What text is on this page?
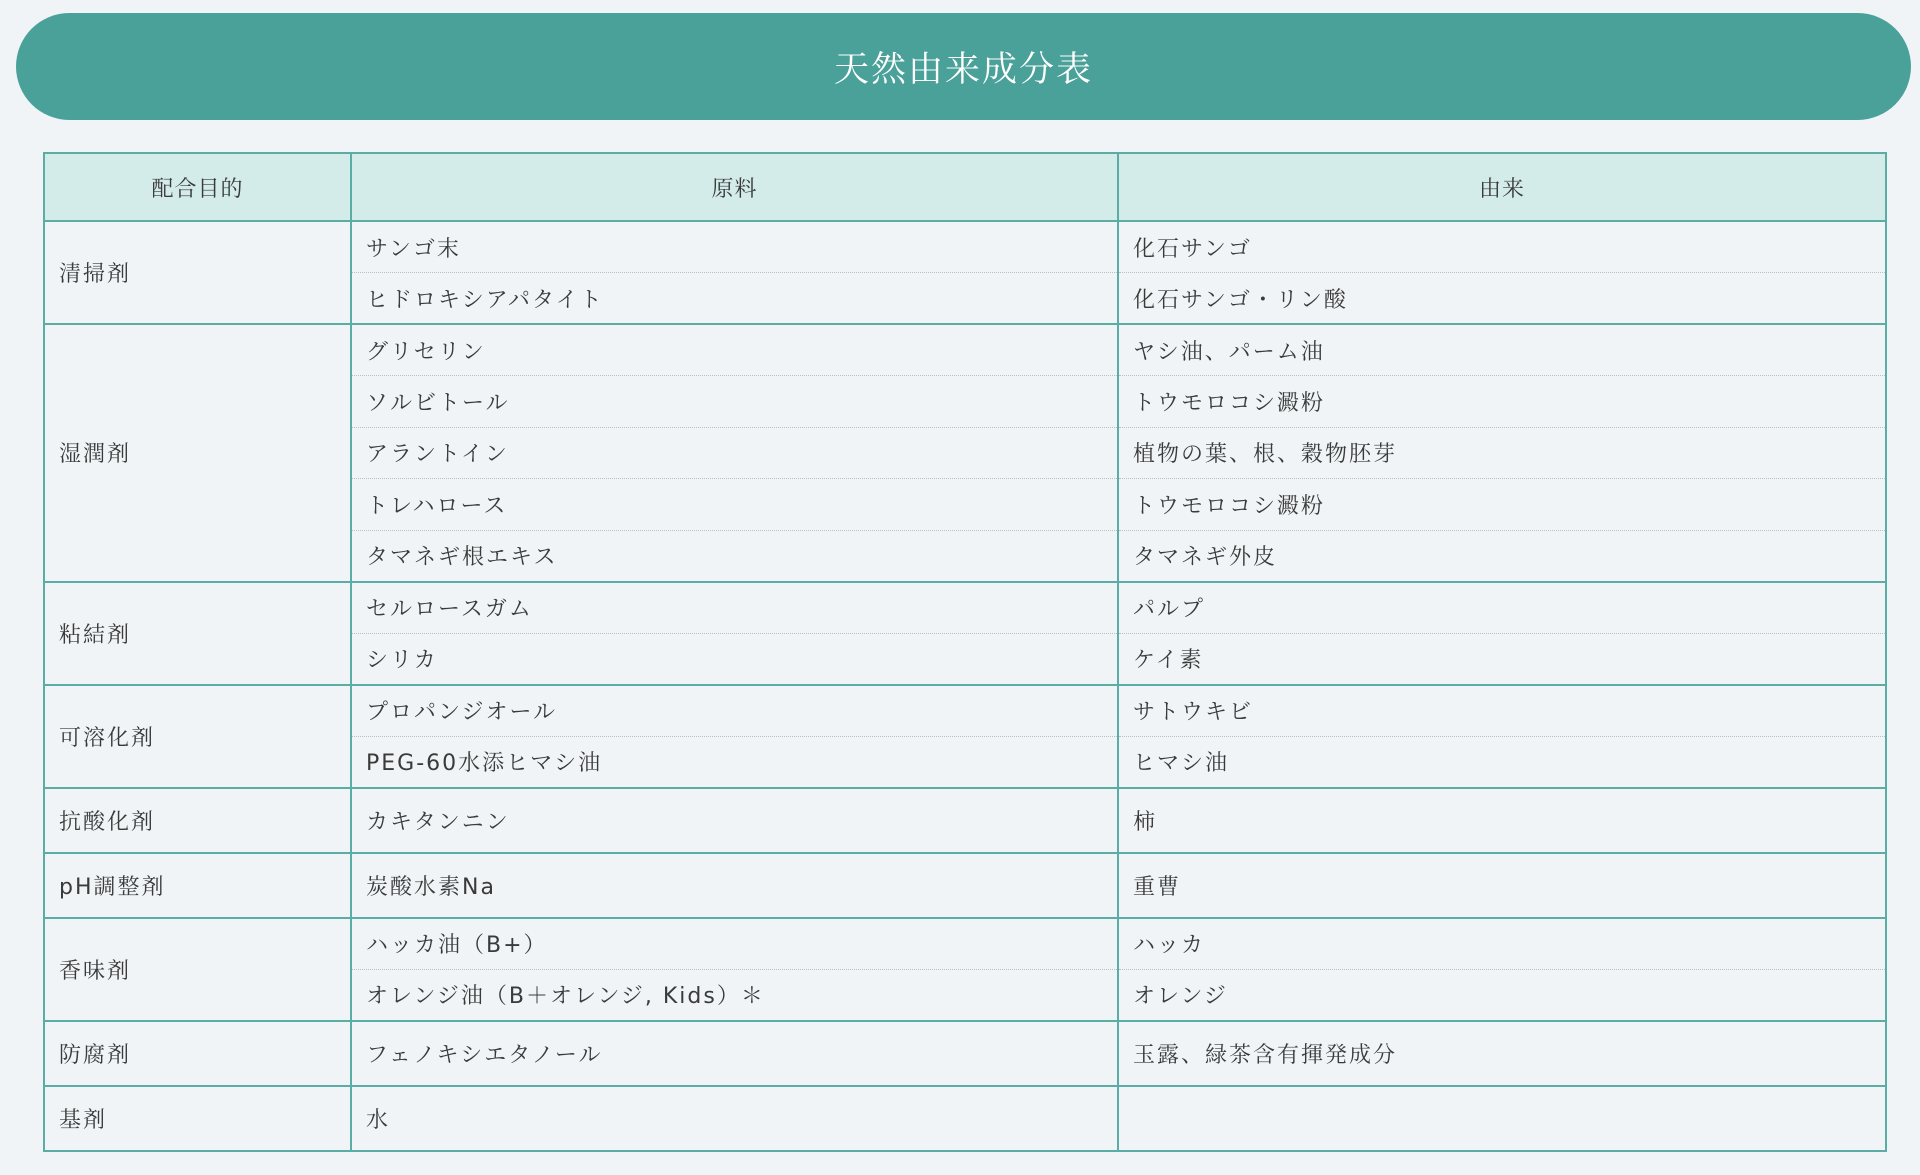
天然由来成分表
配合目的	原料	由来
清掃剤	サンゴ末	化石サンゴ
	ヒドロキシアパタイト	化石サンゴ・リン酸
湿潤剤	グリセリン	ヤシ油、パーム油
	ソルビトール	トウモロコシ澱粉
	アラントイン	植物の葉、根、穀物胚芽
	トレハロース	トウモロコシ澱粉
	タマネギ根エキス	タマネギ外皮
粘結剤	セルロースガム	パルプ
	シリカ	ケイ素
可溶化剤	プロパンジオール	サトウキビ
	PEG-60水添ヒマシ油	ヒマシ油
抗酸化剤	カキタンニン	柿
pH調整剤	炭酸水素Na	重曹
香味剤	ハッカ油（B+）	ハッカ
	オレンジ油（B＋オレンジ, Kids）＊	オレンジ
防腐剤	フェノキシエタノール	玉露、緑茶含有揮発成分
基剤	水	
